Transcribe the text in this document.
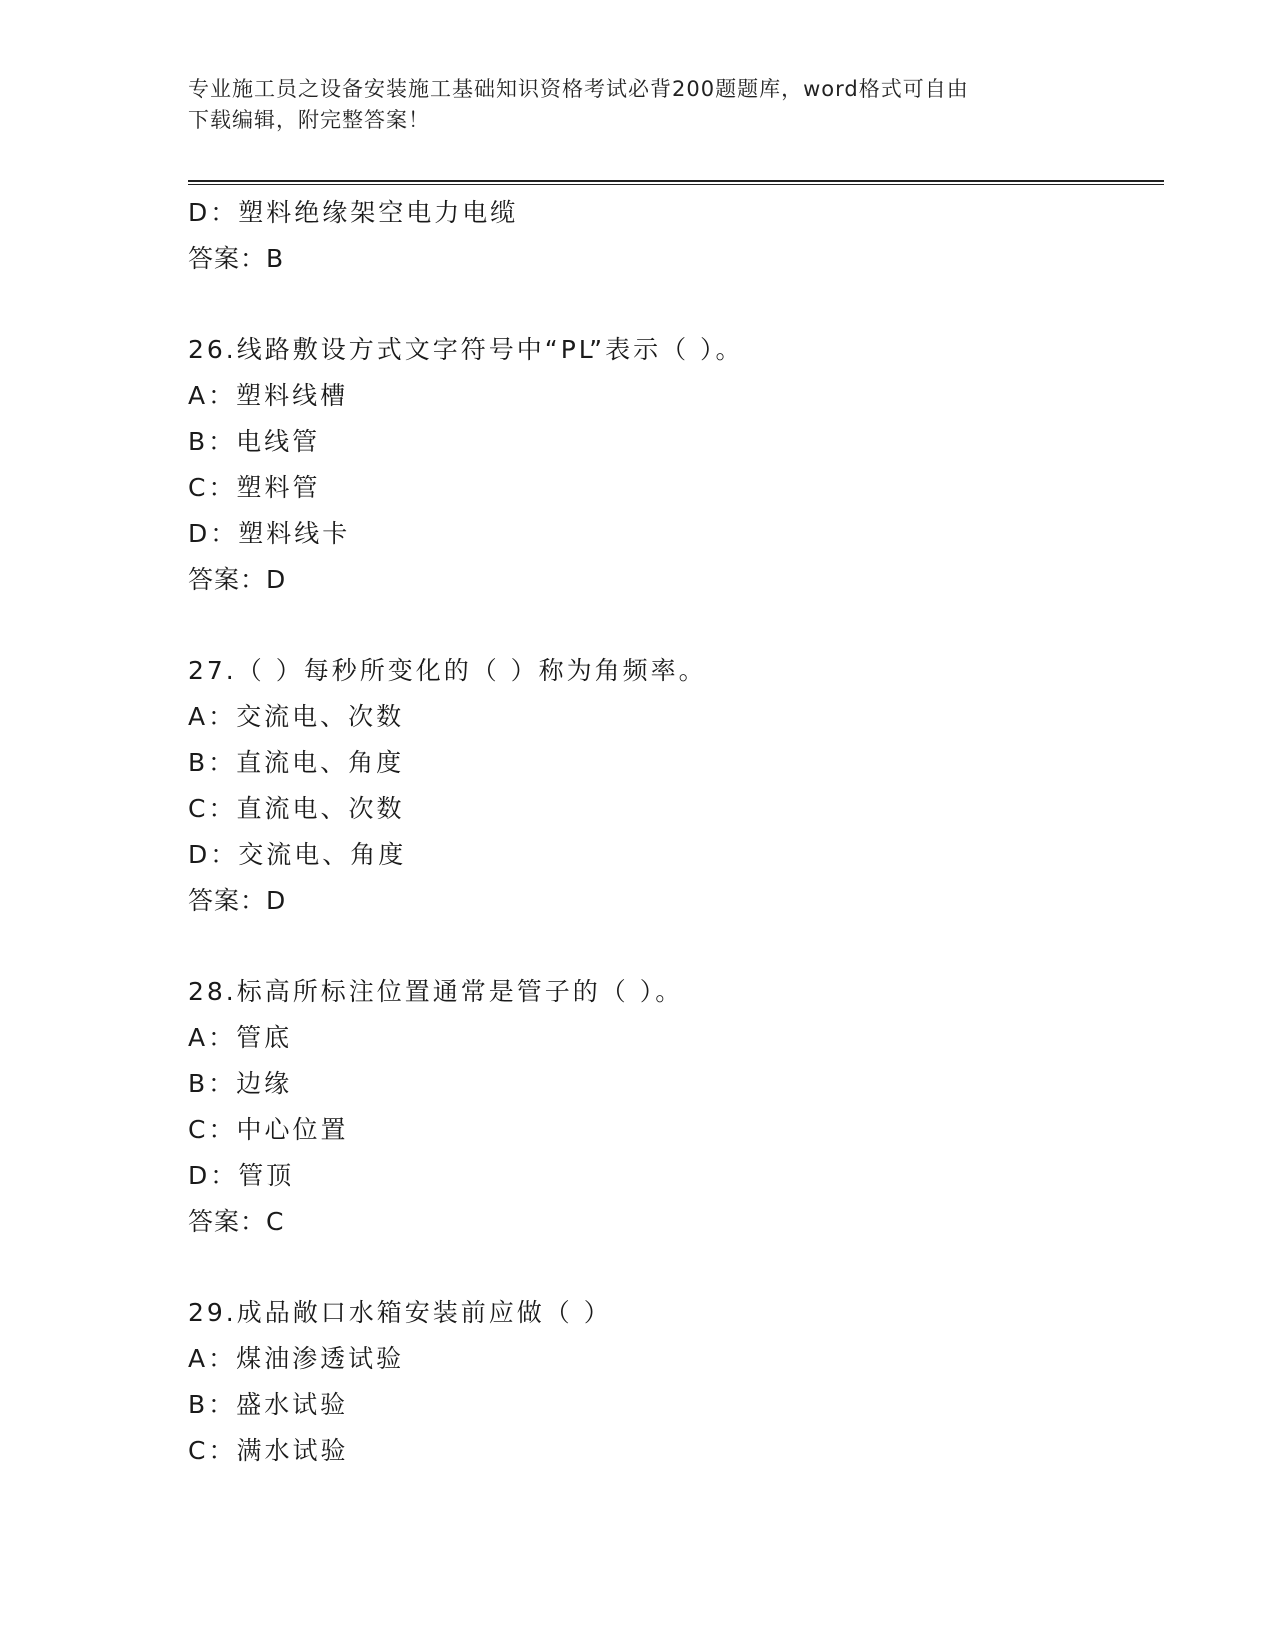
专业施工员之设备安装施工基础知识资格考试必背200题题库，word格式可自由
下载编辑，附完整答案！
D：塑料绝缘架空电力电缆
答案：B
26.线路敷设方式文字符号中“PL”表示（ ）。
A：塑料线槽
B：电线管
C：塑料管
D：塑料线卡
答案：D
27.（ ）每秒所变化的（ ）称为角频率。
A：交流电、次数
B：直流电、角度
C：直流电、次数
D：交流电、角度
答案：D
28.标高所标注位置通常是管子的（ ）。
A：管底
B：边缘
C：中心位置
D：管顶
答案：C
29.成品敞口水箱安装前应做（ ）
A：煤油渗透试验
B：盛水试验
C：满水试验
